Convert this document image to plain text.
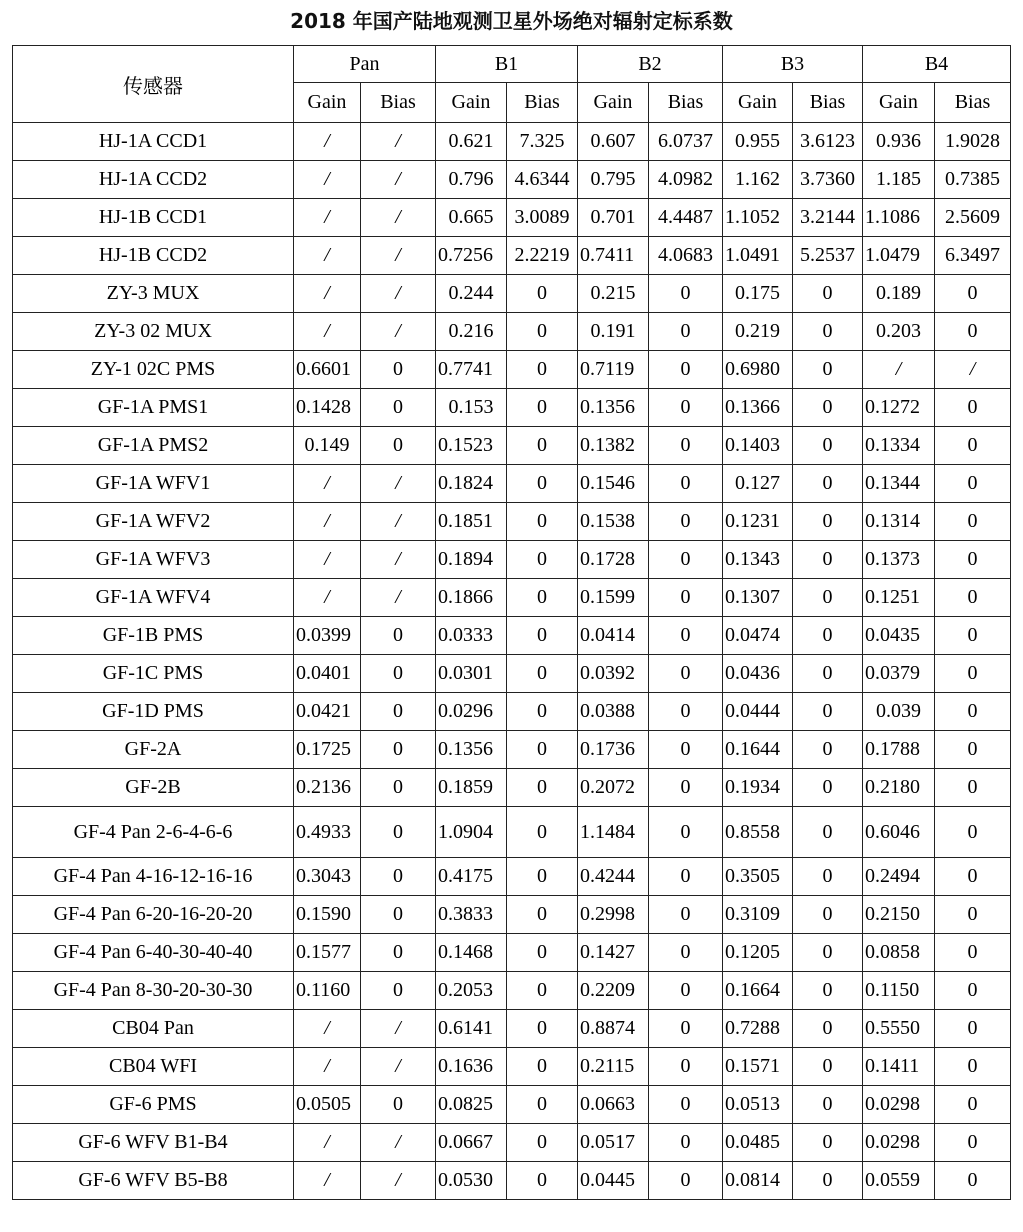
2018 年国产陆地观测卫星外场绝对辐射定标系数
传感器	Pan		B1		B2		B3		B4	
	Gain	Bias	Gain	Bias	Gain	Bias	Gain	Bias	Gain	Bias
HJ-1A CCD1	/	/	0.621	7.325	0.607	6.0737	0.955	3.6123	0.936	1.9028
HJ-1A CCD2	/	/	0.796	4.6344	0.795	4.0982	1.162	3.7360	1.185	0.7385
HJ-1B CCD1	/	/	0.665	3.0089	0.701	4.4487	1.1052	3.2144	1.1086	2.5609
HJ-1B CCD2	/	/	0.7256	2.2219	0.7411	4.0683	1.0491	5.2537	1.0479	6.3497
ZY-3 MUX	/	/	0.244	0	0.215	0	0.175	0	0.189	0
ZY-3 02 MUX	/	/	0.216	0	0.191	0	0.219	0	0.203	0
ZY-1 02C PMS	0.6601	0	0.7741	0	0.7119	0	0.6980	0	/	/
GF-1A PMS1	0.1428	0	0.153	0	0.1356	0	0.1366	0	0.1272	0
GF-1A PMS2	0.149	0	0.1523	0	0.1382	0	0.1403	0	0.1334	0
GF-1A WFV1	/	/	0.1824	0	0.1546	0	0.127	0	0.1344	0
GF-1A WFV2	/	/	0.1851	0	0.1538	0	0.1231	0	0.1314	0
GF-1A WFV3	/	/	0.1894	0	0.1728	0	0.1343	0	0.1373	0
GF-1A WFV4	/	/	0.1866	0	0.1599	0	0.1307	0	0.1251	0
GF-1B PMS	0.0399	0	0.0333	0	0.0414	0	0.0474	0	0.0435	0
GF-1C PMS	0.0401	0	0.0301	0	0.0392	0	0.0436	0	0.0379	0
GF-1D PMS	0.0421	0	0.0296	0	0.0388	0	0.0444	0	0.039	0
GF-2A	0.1725	0	0.1356	0	0.1736	0	0.1644	0	0.1788	0
GF-2B	0.2136	0	0.1859	0	0.2072	0	0.1934	0	0.2180	0
GF-4 Pan 2-6-4-6-6	0.4933	0	1.0904	0	1.1484	0	0.8558	0	0.6046	0
GF-4 Pan 4-16-12-16-16	0.3043	0	0.4175	0	0.4244	0	0.3505	0	0.2494	0
GF-4 Pan 6-20-16-20-20	0.1590	0	0.3833	0	0.2998	0	0.3109	0	0.2150	0
GF-4 Pan 6-40-30-40-40	0.1577	0	0.1468	0	0.1427	0	0.1205	0	0.0858	0
GF-4 Pan 8-30-20-30-30	0.1160	0	0.2053	0	0.2209	0	0.1664	0	0.1150	0
CB04 Pan	/	/	0.6141	0	0.8874	0	0.7288	0	0.5550	0
CB04 WFI	/	/	0.1636	0	0.2115	0	0.1571	0	0.1411	0
GF-6 PMS	0.0505	0	0.0825	0	0.0663	0	0.0513	0	0.0298	0
GF-6 WFV B1-B4	/	/	0.0667	0	0.0517	0	0.0485	0	0.0298	0
GF-6 WFV B5-B8	/	/	0.0530	0	0.0445	0	0.0814	0	0.0559	0
